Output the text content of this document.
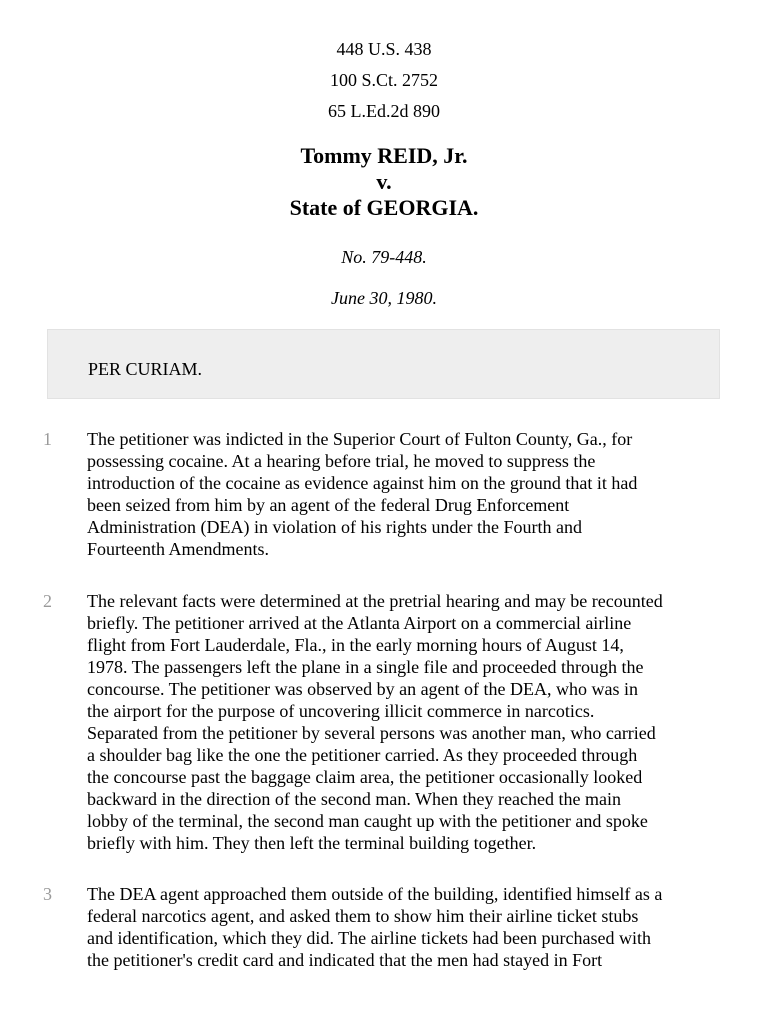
448 U.S. 438
100 S.Ct. 2752
65 L.Ed.2d 890
Tommy REID, Jr.
v.
State of GEORGIA.
No. 79-448.
June 30, 1980.
PER CURIAM.
1 The petitioner was indicted in the Superior Court of Fulton County, Ga., for
possessing cocaine. At a hearing before trial, he moved to suppress the
introduction of the cocaine as evidence against him on the ground that it had
been seized from him by an agent of the federal Drug Enforcement
Administration (DEA) in violation of his rights under the Fourth and
Fourteenth Amendments.

2 The relevant facts were determined at the pretrial hearing and may be recounted
briefly. The petitioner arrived at the Atlanta Airport on a commercial airline
flight from Fort Lauderdale, Fla., in the early morning hours of August 14,
1978. The passengers left the plane in a single file and proceeded through the
concourse. The petitioner was observed by an agent of the DEA, who was in
the airport for the purpose of uncovering illicit commerce in narcotics.
Separated from the petitioner by several persons was another man, who carried
a shoulder bag like the one the petitioner carried. As they proceeded through
the concourse past the baggage claim area, the petitioner occasionally looked
backward in the direction of the second man. When they reached the main
lobby of the terminal, the second man caught up with the petitioner and spoke
briefly with him. They then left the terminal building together.

3 The DEA agent approached them outside of the building, identified himself as a
federal narcotics agent, and asked them to show him their airline ticket stubs
and identification, which they did. The airline tickets had been purchased with
the petitioner's credit card and indicated that the men had stayed in Fort
